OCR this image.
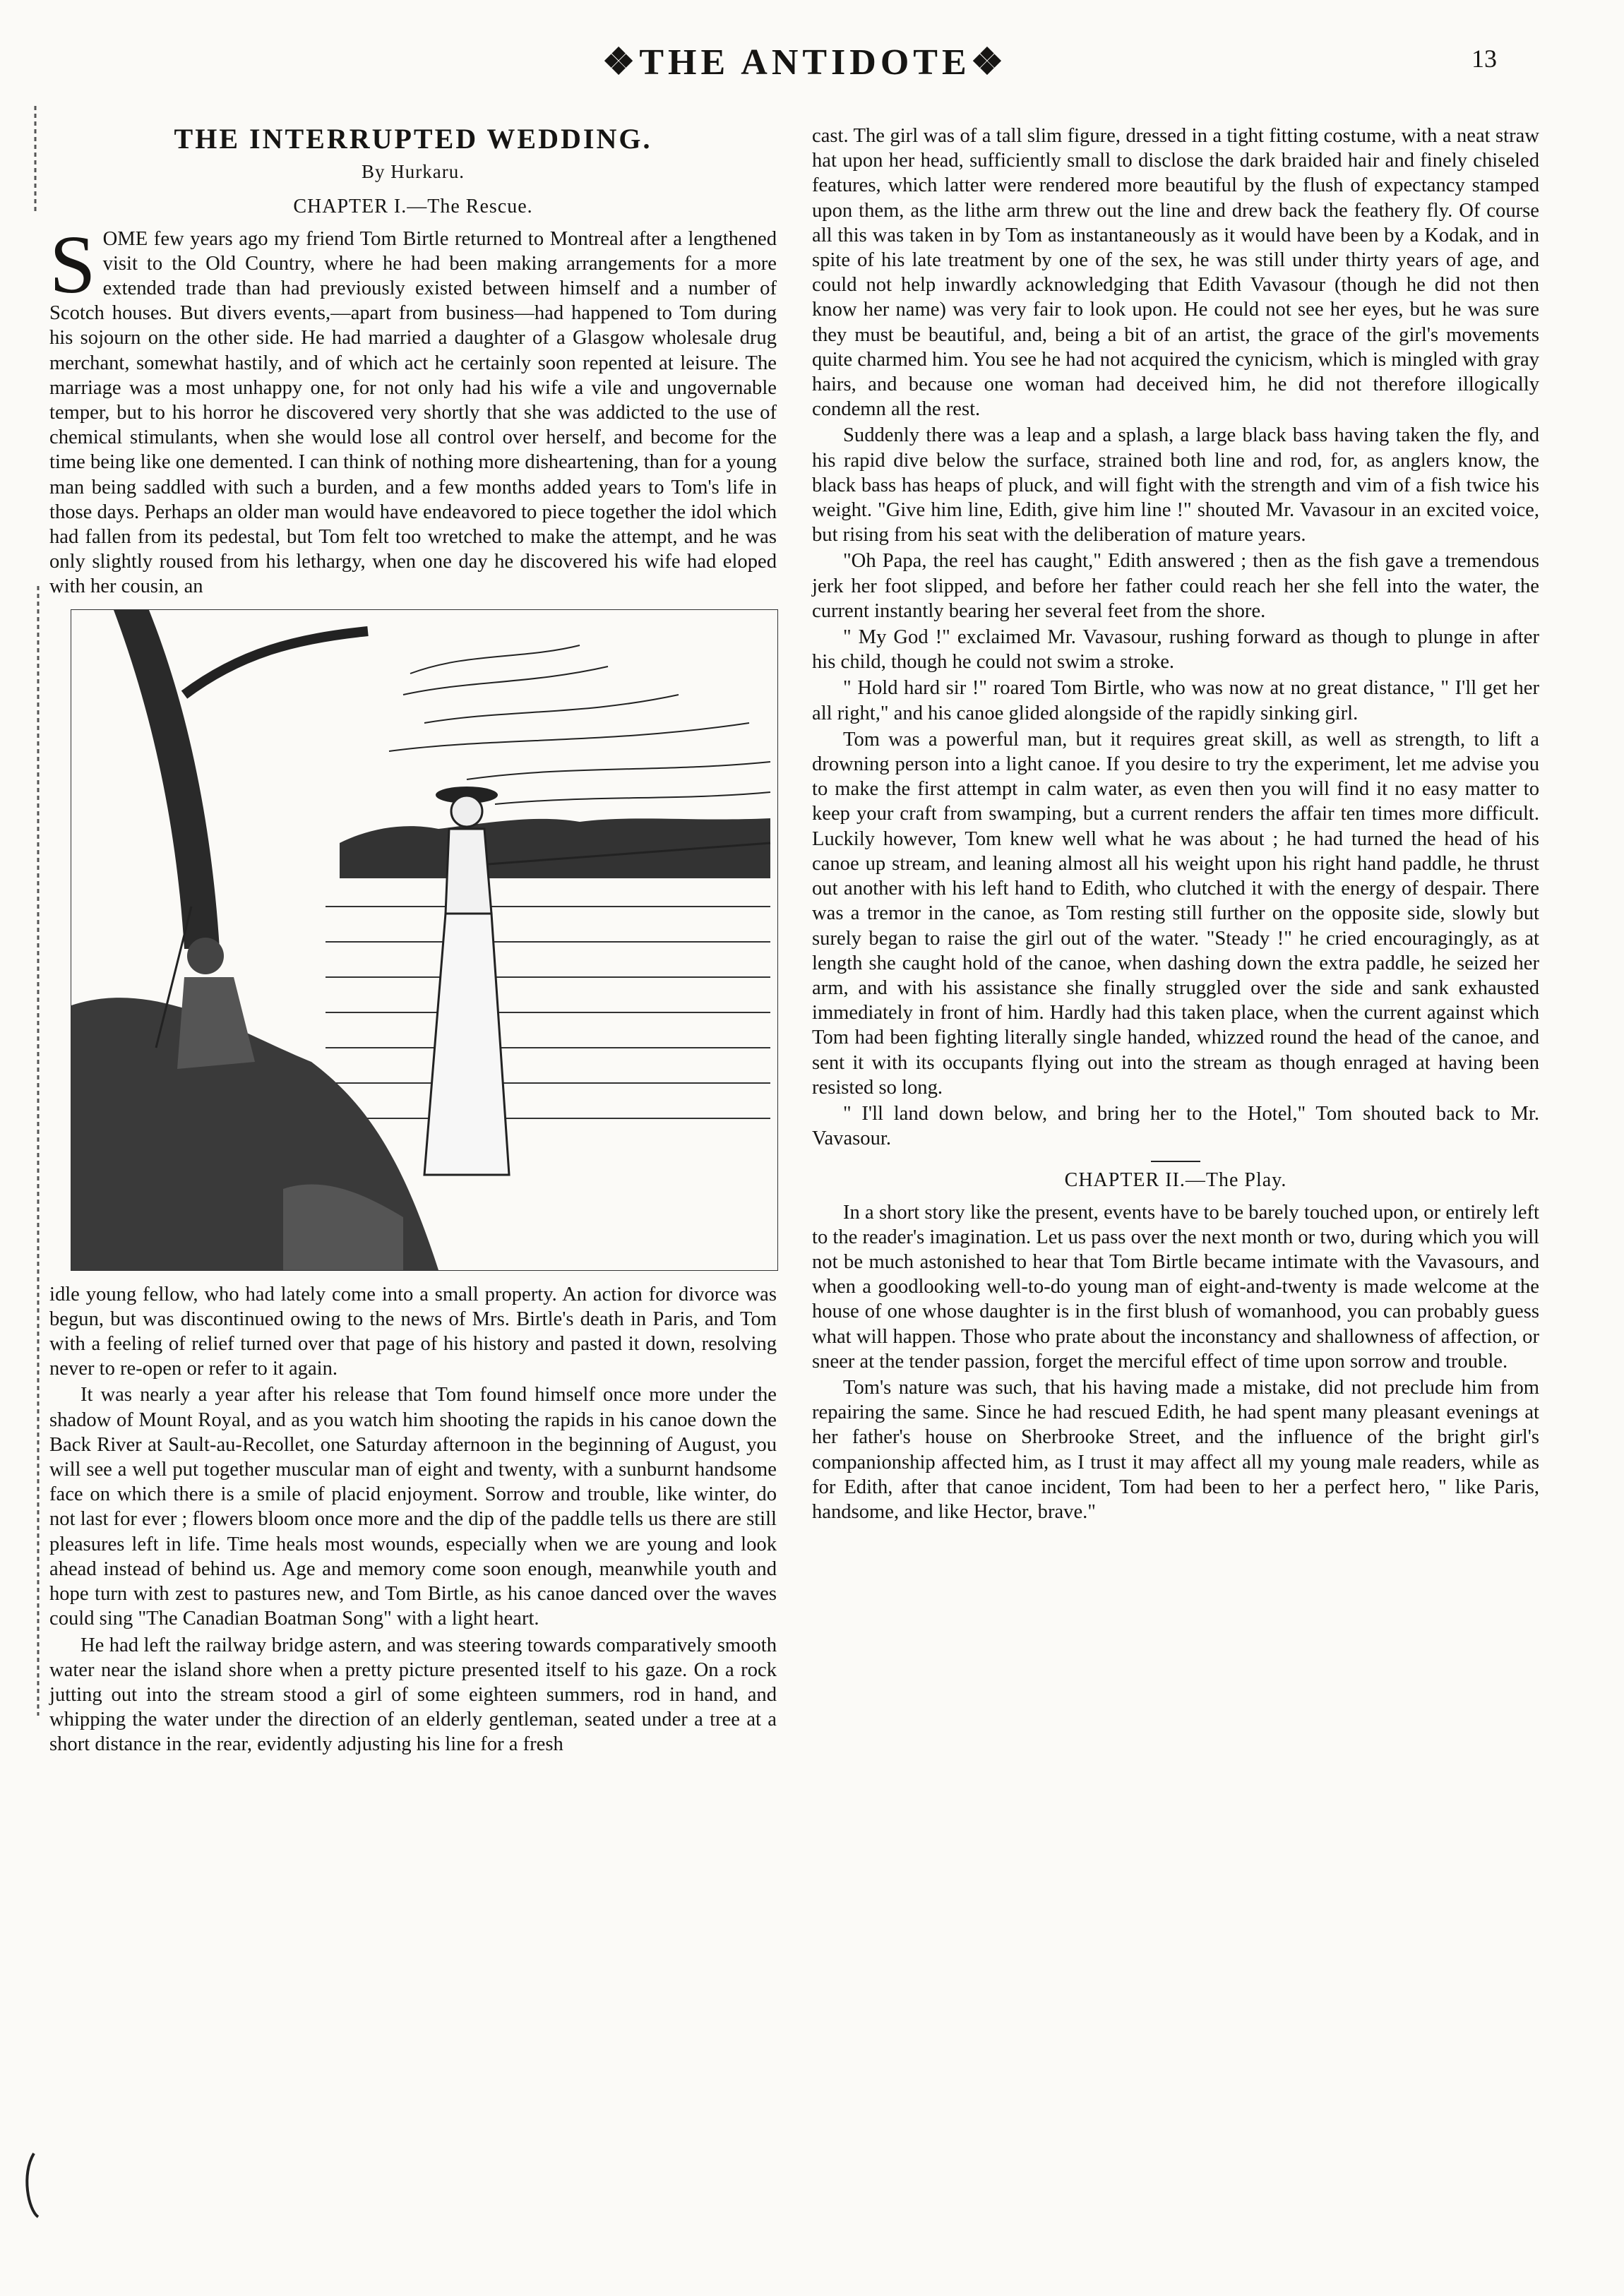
❖THE ANTIDOTE❖	13
THE INTERRUPTED WEDDING.
By Hurkaru.
CHAPTER I.—The Rescue.

SOME few years ago my friend Tom Birtle returned to Montreal after a lengthened visit to the Old Country, where he had been making arrangements for a more extended trade than had previously existed between himself and a number of Scotch houses. But divers events,—apart from business—had happened to Tom during his sojourn on the other side. He had married a daughter of a Glasgow wholesale drug merchant, somewhat hastily, and of which act he certainly soon repented at leisure. The marriage was a most unhappy one, for not only had his wife a vile and ungovernable temper, but to his horror he discovered very shortly that she was addicted to the use of chemical stimulants, when she would lose all control over herself, and become for the time being like one demented. I can think of nothing more disheartening, than for a young man being saddled with such a burden, and a few months added years to Tom's life in those days. Perhaps an older man would have endeavored to piece together the idol which had fallen from its pedestal, but Tom felt too wretched to make the attempt, and he was only slightly roused from his lethargy, when one day he discovered his wife had eloped with her cousin, an

idle young fellow, who had lately come into a small property. An action for divorce was begun, but was discontinued owing to the news of Mrs. Birtle's death in Paris, and Tom with a feeling of relief turned over that page of his history and pasted it down, resolving never to re-open or refer to it again.

It was nearly a year after his release that Tom found himself once more under the shadow of Mount Royal, and as you watch him shooting the rapids in his canoe down the Back River at Sault-au-Recollet, one Saturday afternoon in the beginning of August, you will see a well put together muscular man of eight and twenty, with a sunburnt handsome face on which there is a smile of placid enjoyment. Sorrow and trouble, like winter, do not last for ever ; flowers bloom once more and the dip of the paddle tells us there are still pleasures left in life. Time heals most wounds, especially when we are young and look ahead instead of behind us. Age and memory come soon enough, meanwhile youth and hope turn with zest to pastures new, and Tom Birtle, as his canoe danced over the waves could sing "The Canadian Boatman Song" with a light heart.

He had left the railway bridge astern, and was steering towards comparatively smooth water near the island shore when a pretty picture presented itself to his gaze. On a rock jutting out into the stream stood a girl of some eighteen summers, rod in hand, and whipping the water under the direction of an elderly gentleman, seated under a tree at a short distance in the rear, evidently adjusting his line for a fresh

cast. The girl was of a tall slim figure, dressed in a tight fitting costume, with a neat straw hat upon her head, sufficiently small to disclose the dark braided hair and finely chiseled features, which latter were rendered more beautiful by the flush of expectancy stamped upon them, as the lithe arm threw out the line and drew back the feathery fly. Of course all this was taken in by Tom as instantaneously as it would have been by a Kodak, and in spite of his late treatment by one of the sex, he was still under thirty years of age, and could not help inwardly acknowledging that Edith Vavasour (though he did not then know her name) was very fair to look upon. He could not see her eyes, but he was sure they must be beautiful, and, being a bit of an artist, the grace of the girl's movements quite charmed him. You see he had not acquired the cynicism, which is mingled with gray hairs, and because one woman had deceived him, he did not therefore illogically condemn all the rest.

Suddenly there was a leap and a splash, a large black bass having taken the fly, and his rapid dive below the surface, strained both line and rod, for, as anglers know, the black bass has heaps of pluck, and will fight with the strength and vim of a fish twice his weight. "Give him line, Edith, give him line !" shouted Mr. Vavasour in an excited voice, but rising from his seat with the deliberation of mature years.

"Oh Papa, the reel has caught," Edith answered ; then as the fish gave a tremendous jerk her foot slipped, and before her father could reach her she fell into the water, the current instantly bearing her several feet from the shore.

" My God !" exclaimed Mr. Vavasour, rushing forward as though to plunge in after his child, though he could not swim a stroke.

" Hold hard sir !" roared Tom Birtle, who was now at no great distance, " I'll get her all right," and his canoe glided alongside of the rapidly sinking girl.

Tom was a powerful man, but it requires great skill, as well as strength, to lift a drowning person into a light canoe. If you desire to try the experiment, let me advise you to make the first attempt in calm water, as even then you will find it no easy matter to keep your craft from swamping, but a current renders the affair ten times more difficult. Luckily however, Tom knew well what he was about ; he had turned the head of his canoe up stream, and leaning almost all his weight upon his right hand paddle, he thrust out another with his left hand to Edith, who clutched it with the energy of despair. There was a tremor in the canoe, as Tom resting still further on the opposite side, slowly but surely began to raise the girl out of the water. "Steady !" he cried encouragingly, as at length she caught hold of the canoe, when dashing down the extra paddle, he seized her arm, and with his assistance she finally struggled over the side and sank exhausted immediately in front of him. Hardly had this taken place, when the current against which Tom had been fighting literally single handed, whizzed round the head of the canoe, and sent it with its occupants flying out into the stream as though enraged at having been resisted so long.

" I'll land down below, and bring her to the Hotel," Tom shouted back to Mr. Vavasour.

CHAPTER II.—The Play.

In a short story like the present, events have to be barely touched upon, or entirely left to the reader's imagination. Let us pass over the next month or two, during which you will not be much astonished to hear that Tom Birtle became intimate with the Vavasours, and when a goodlooking well-to-do young man of eight-and-twenty is made welcome at the house of one whose daughter is in the first blush of womanhood, you can probably guess what will happen. Those who prate about the inconstancy and shallowness of affection, or sneer at the tender passion, forget the merciful effect of time upon sorrow and trouble.

Tom's nature was such, that his having made a mistake, did not preclude him from repairing the same. Since he had rescued Edith, he had spent many pleasant evenings at her father's house on Sherbrooke Street, and the influence of the bright girl's companionship affected him, as I trust it may affect all my young male readers, while as for Edith, after that canoe incident, Tom had been to her a perfect hero, " like Paris, handsome, and like Hector, brave."
